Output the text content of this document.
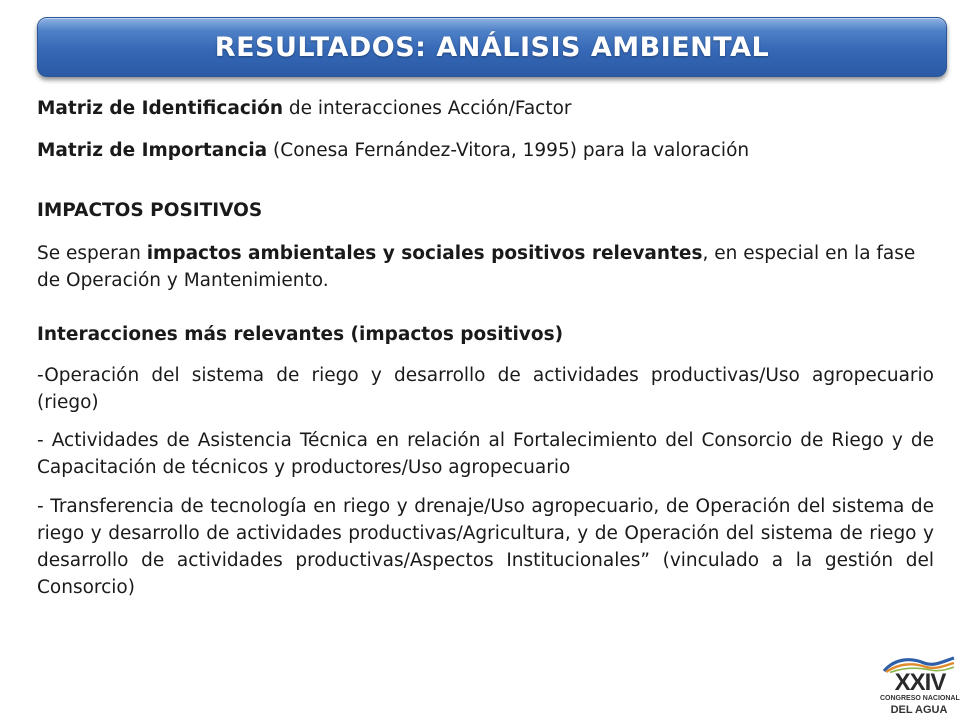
RESULTADOS: ANÁLISIS AMBIENTAL

Matriz de Identificación de interacciones Acción/Factor

Matriz de Importancia (Conesa Fernández-Vitora, 1995) para la valoración

IMPACTOS POSITIVOS

Se esperan impactos ambientales y sociales positivos relevantes, en especial en la fase de Operación y Mantenimiento.

Interacciones más relevantes (impactos positivos)

-Operación del sistema de riego y desarrollo de actividades productivas/Uso agropecuario (riego)

- Actividades de Asistencia Técnica en relación al Fortalecimiento del Consorcio de Riego y de Capacitación de técnicos y productores/Uso agropecuario

- Transferencia de tecnología en riego y drenaje/Uso agropecuario, de Operación del sistema de riego y desarrollo de actividades productivas/Agricultura, y de Operación del sistema de riego y desarrollo de actividades productivas/Aspectos Institucionales” (vinculado a la gestión del Consorcio)

XXIV
CONGRESO NACIONAL
DEL AGUA
